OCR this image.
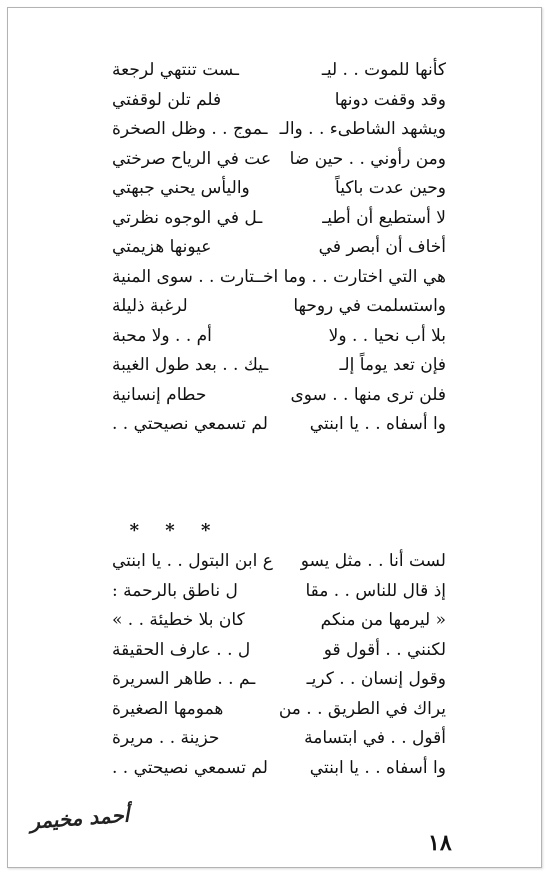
كأنها للموت . . ليـ
ـست تنتهي لرجعة
وقد وقفت دونها
فلم تلن لوقفتي
ويشهد الشاطىء . . والـ
ـموج . . وظل الصخرة
ومن رأوني . . حين ضا
عت في الرياح صرختي
وحين عدت باكياً
واليأس يحني جبهتي
لا أستطيع أن أطيـ
ـل في الوجوه نظرتي
أخاف أن أبصر في
عيونها هزيمتي
هي التي اختارت . . وما اخـ
ـتارت . . سوى المنية
واستسلمت في روحها
لرغبة ذليلة
بلا أب نحيا . . ولا
أم . . ولا محبة
فإن تعد يوماً إلـ
ـيك . . بعد طول الغيبة
فلن ترى منها . . سوى
حطام إنسانية
وا أسفاه . . يا ابنتي
لم تسمعي نصيحتي . .
لست أنا . . مثل يسو
ع ابن البتول . . يا ابنتي
إذ قال للناس . . مقا
ل ناطق بالرحمة :
« ليرمها من منكم
كان بلا خطيئة . . »
لكنني . . أقول قو
ل . . عارف الحقيقة
وقول إنسان . . كريـ
ـم . . طاهر السريرة
يراك في الطريق . . من
همومها الصغيرة
أقول . . في ابتسامة
حزينة . . مريرة
وا أسفاه . . يا ابنتي
لم تسمعي نصيحتي . .
* * *
أحمد مخيمر
١٨
